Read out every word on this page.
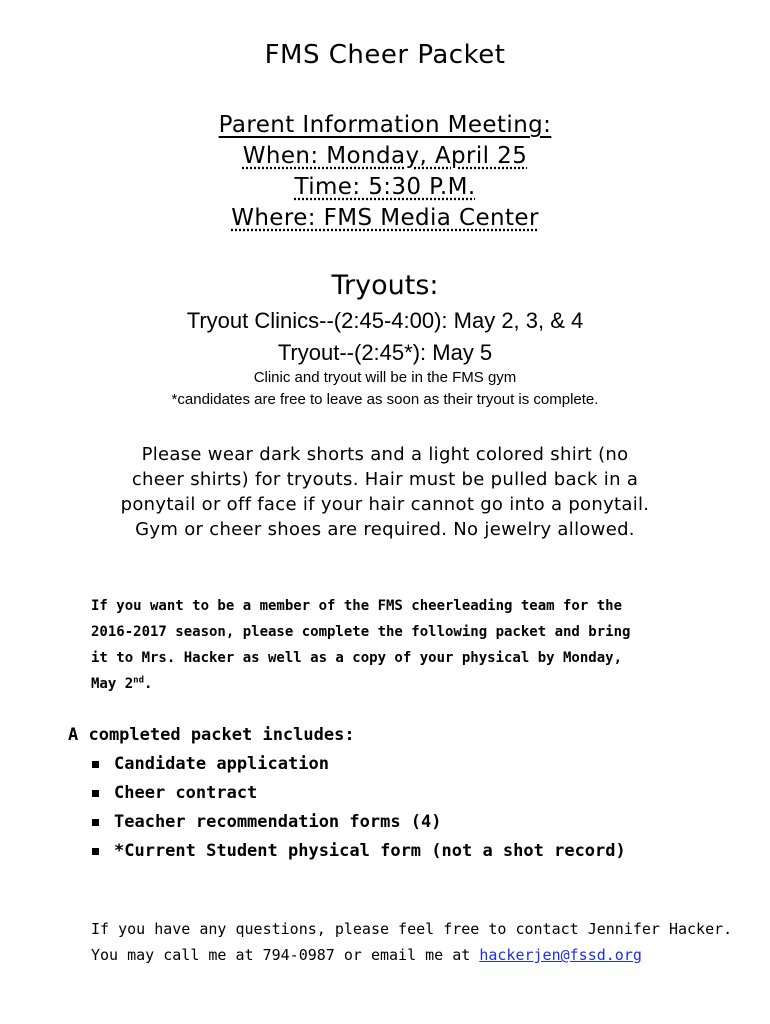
FMS Cheer Packet
Parent Information Meeting:
When: Monday, April 25
Time: 5:30 P.M.
Where: FMS Media Center
Tryouts:
Tryout Clinics--(2:45-4:00): May 2, 3, & 4
Tryout--(2:45*): May 5
Clinic and tryout will be in the FMS gym
*candidates are free to leave as soon as their tryout is complete.
Please wear dark shorts and a light colored shirt (no
cheer shirts) for tryouts. Hair must be pulled back in a
ponytail or off face if your hair cannot go into a ponytail.
Gym or cheer shoes are required. No jewelry allowed.
If you want to be a member of the FMS cheerleading team for the
2016-2017 season, please complete the following packet and bring
it to Mrs. Hacker as well as a copy of your physical by Monday,
May 2nd.
A completed packet includes:
Candidate application
Cheer contract
Teacher recommendation forms (4)
*Current Student physical form (not a shot record)
If you have any questions, please feel free to contact Jennifer Hacker.
You may call me at 794-0987 or email me at hackerjen@fssd.org
